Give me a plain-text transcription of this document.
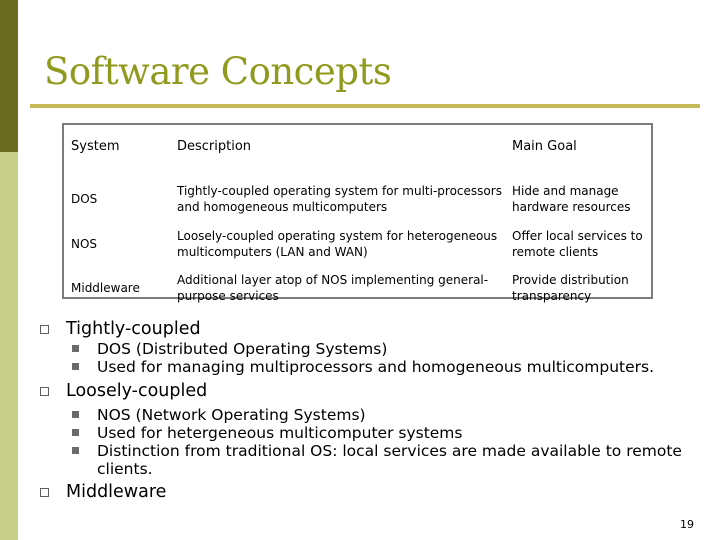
Software Concepts
System	Description	Main Goal
DOS
Tightly-coupled operating system for multi-processors and homogeneous multicomputers
Hide and manage hardware resources
NOS
Loosely-coupled operating system for heterogeneous multicomputers (LAN and WAN)
Offer local services to remote clients
Middleware
Additional layer atop of NOS implementing general-purpose services
Provide distribution transparency
Tightly-coupled
DOS (Distributed Operating Systems)
Used for managing multiprocessors and homogeneous multicomputers.
Loosely-coupled
NOS (Network Operating Systems)
Used for hetergeneous multicomputer systems
Distinction from traditional OS: local services are made available to remote clients.
Middleware
19
